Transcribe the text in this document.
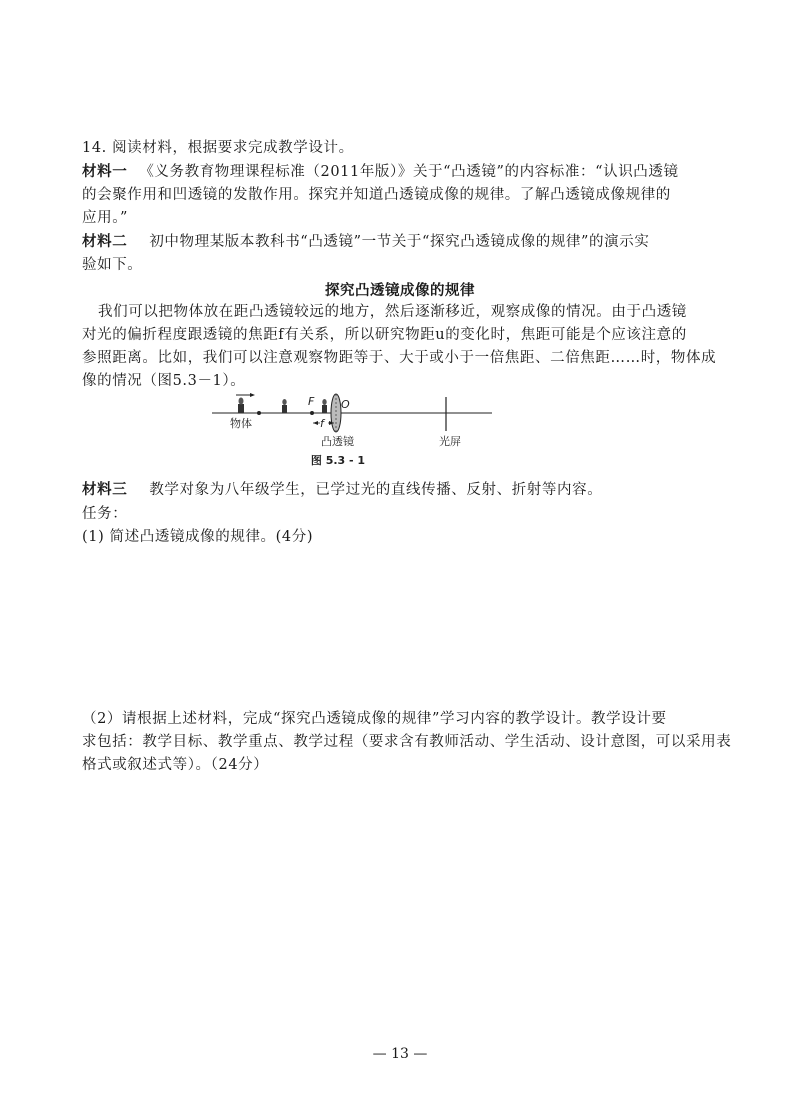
14. 阅读材料，根据要求完成教学设计。
材料一 《义务教育物理课程标准（2011年版）》关于“凸透镜”的内容标准：“认识凸透镜
的会聚作用和凹透镜的发散作用。探究并知道凸透镜成像的规律。了解凸透镜成像规律的
应用。”
材料二 初中物理某版本教科书“凸透镜”一节关于“探究凸透镜成像的规律”的演示实
验如下。
探究凸透镜成像的规律
我们可以把物体放在距凸透镜较远的地方，然后逐渐移近，观察成像的情况。由于凸透镜
对光的偏折程度跟透镜的焦距f有关系，所以研究物距u的变化时，焦距可能是个应该注意的
参照距离。比如，我们可以注意观察物距等于、大于或小于一倍焦距、二倍焦距……时，物体成
像的情况（图5.3－1）。
F O
f
物体
凸透镜	光屏
图 5.3 - 1
材料三 教学对象为八年级学生，已学过光的直线传播、反射、折射等内容。
任务：
(1) 简述凸透镜成像的规律。(4分)
（2）请根据上述材料，完成“探究凸透镜成像的规律”学习内容的教学设计。教学设计要
求包括：教学目标、教学重点、教学过程（要求含有教师活动、学生活动、设计意图，可以采用表
格式或叙述式等）。（24分）
— 13 —
